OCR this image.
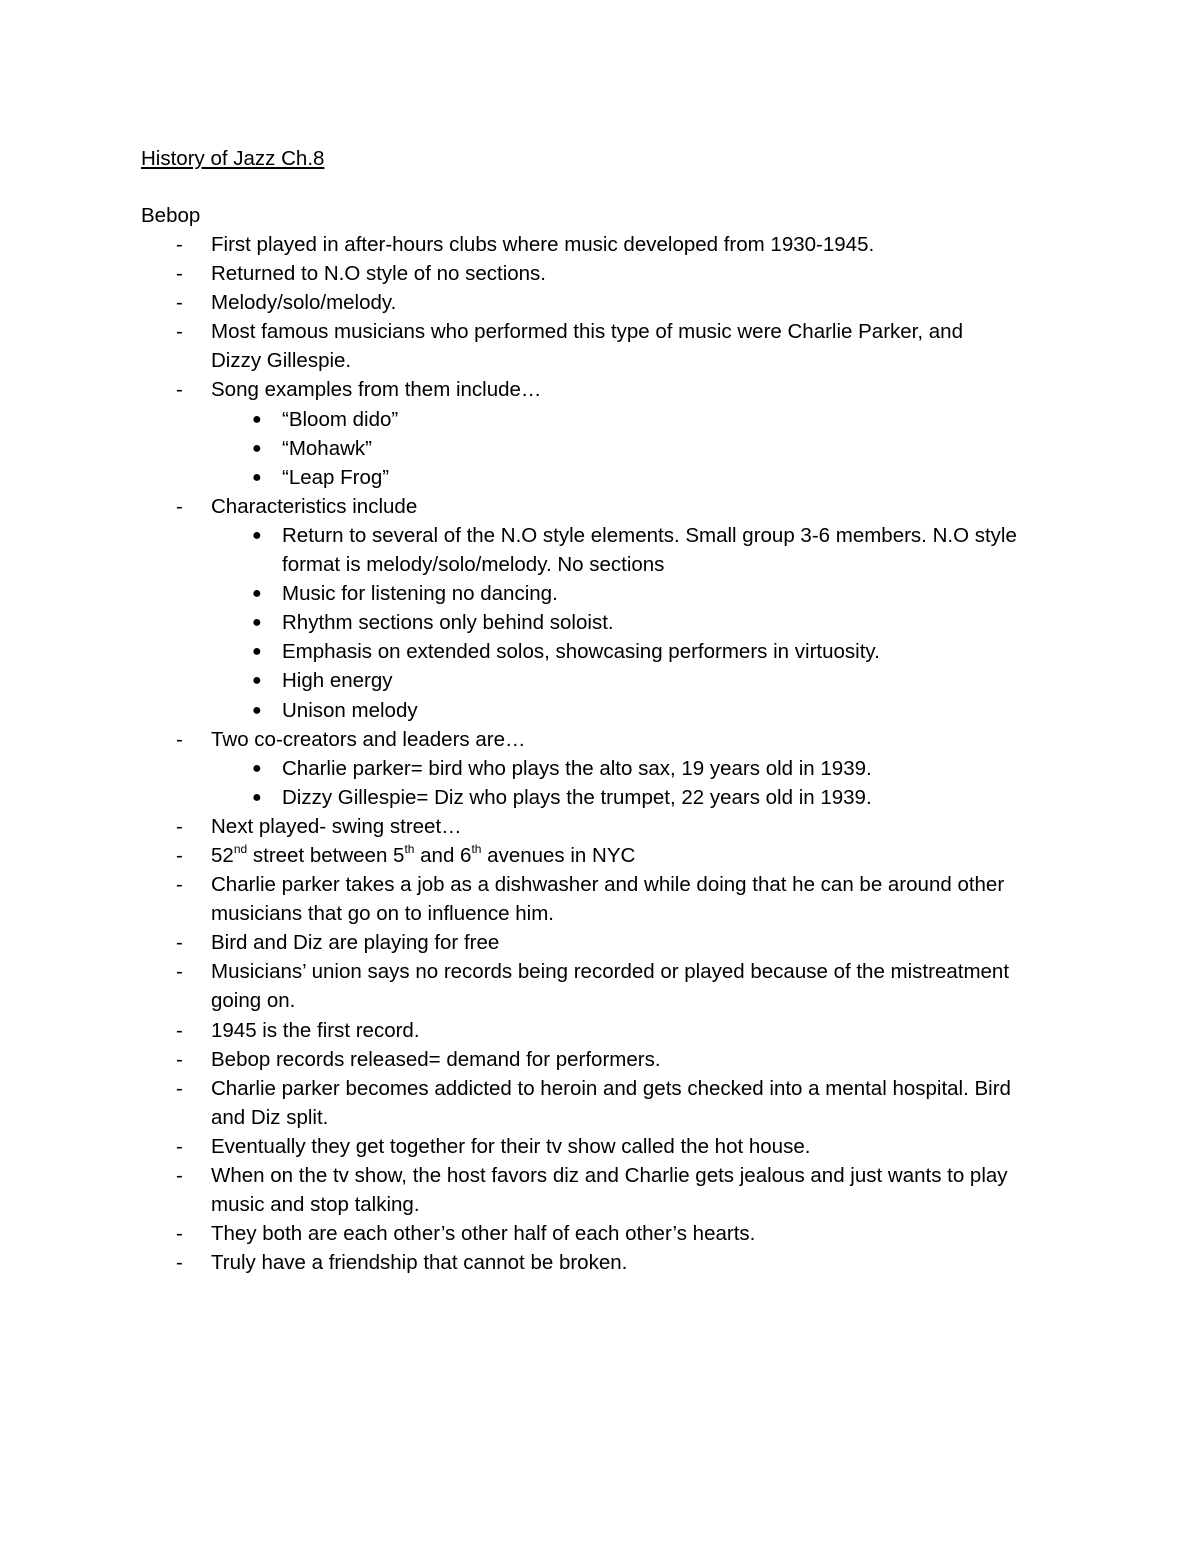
History of Jazz Ch.8
Bebop
- First played in after-hours clubs where music developed from 1930-1945.
- Returned to N.O style of no sections.
- Melody/solo/melody.
- Most famous musicians who performed this type of music were Charlie Parker, and
Dizzy Gillespie.
- Song examples from them include…
● “Bloom dido”
● “Mohawk”
● “Leap Frog”
- Characteristics include
● Return to several of the N.O style elements. Small group 3-6 members. N.O style
format is melody/solo/melody. No sections
● Music for listening no dancing.
● Rhythm sections only behind soloist.
● Emphasis on extended solos, showcasing performers in virtuosity.
● High energy
● Unison melody
- Two co-creators and leaders are…
● Charlie parker= bird who plays the alto sax, 19 years old in 1939.
● Dizzy Gillespie= Diz who plays the trumpet, 22 years old in 1939.
- Next played- swing street…
- 52nd street between 5th and 6th avenues in NYC
- Charlie parker takes a job as a dishwasher and while doing that he can be around other
musicians that go on to influence him.
- Bird and Diz are playing for free
- Musicians’ union says no records being recorded or played because of the mistreatment
going on.
- 1945 is the first record.
- Bebop records released= demand for performers.
- Charlie parker becomes addicted to heroin and gets checked into a mental hospital. Bird
and Diz split.
- Eventually they get together for their tv show called the hot house.
- When on the tv show, the host favors diz and Charlie gets jealous and just wants to play
music and stop talking.
- They both are each other’s other half of each other’s hearts.
- Truly have a friendship that cannot be broken.
